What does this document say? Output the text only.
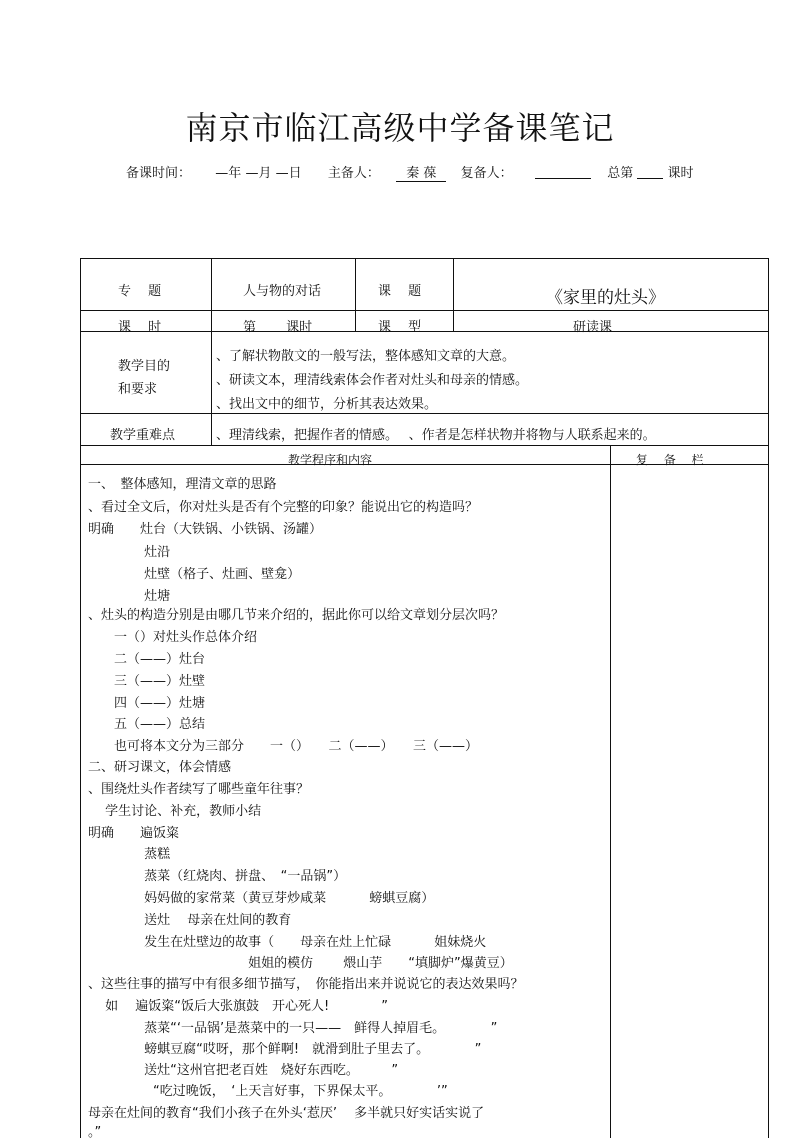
南京市临江高级中学备课笔记
备课时间： —年 —月 —日 主备人： 秦 葆 复备人：	总第	课时
专　 题	人与物的对话	课　 题	《家里的灶头》
课　 时	第　　 课时	课　 型	研读课
教学目的
和要求
、了解状物散文的一般写法，整体感知文章的大意。
、研读文本，理清线索体会作者对灶头和母亲的情感。
、找出文中的细节，分析其表达效果。
教学重难点	、理清线索，把握作者的情感。　 、作者是怎样状物并将物与人联系起来的。
教学程序和内容	复　 备　 栏
一、　整体感知，理清文章的思路
、看过全文后，你对灶头是否有个完整的印象？能说出它的构造吗？
明确　　灶台（大铁锅、小铁锅、汤罐）
　　　　 灶沿
　　　　 灶壁（格子、灶画、壁龛）
　　　　 灶塘
、灶头的构造分别是由哪几节来介绍的，据此你可以给文章划分层次吗？
　　一（）对灶头作总体介绍
　　二（——）灶台
　　三（——）灶壁
　　四（——）灶塘
　　五（——）总结
　　也可将本文分为三部分　　一（）　　二（——）　　三（——）
二、研习课文，体会情感
、围绕灶头作者续写了哪些童年往事？
　 学生讨论、补充，教师小结
明确　　遍饭粢
　　　　 蒸糕
　　　　 蒸菜（红烧肉、拼盘、　“一品锅”）
　　　　 妈妈做的家常菜（黄豆芽炒咸菜　　　 螃蜞豆腐）
　　　　 送灶　 母亲在灶间的教育
　　　　 发生在灶壁边的故事（　　母亲在灶上忙碌　　　 姐妹烧火
　　　　　　　　　　　　 姐姐的模仿　　 煨山芋　　“填脚炉”爆黄豆）
、这些往事的描写中有很多细节描写，　你能指出来并说说它的表达效果吗？
　 如　 遍饭粢“饭后大张旗鼓　开心死人!　　　　”
　　　　 蒸菜“‘一品锅’是蒸菜中的一只——　鲜得人掉眉毛。　　　　”
　　　　 螃蜞豆腐“哎呀，那个鲜啊!　就滑到肚子里去了。　　　　”
　　　　 送灶“这州官把老百姓　烧好东西吃。　　　”
　　　　　“吃过晚饭，　‘上天言好事，下界保太平。　　　　’”
母亲在灶间的教育“我们小孩子在外头‘惹厌’　 多半就只好实话实说了
。”
